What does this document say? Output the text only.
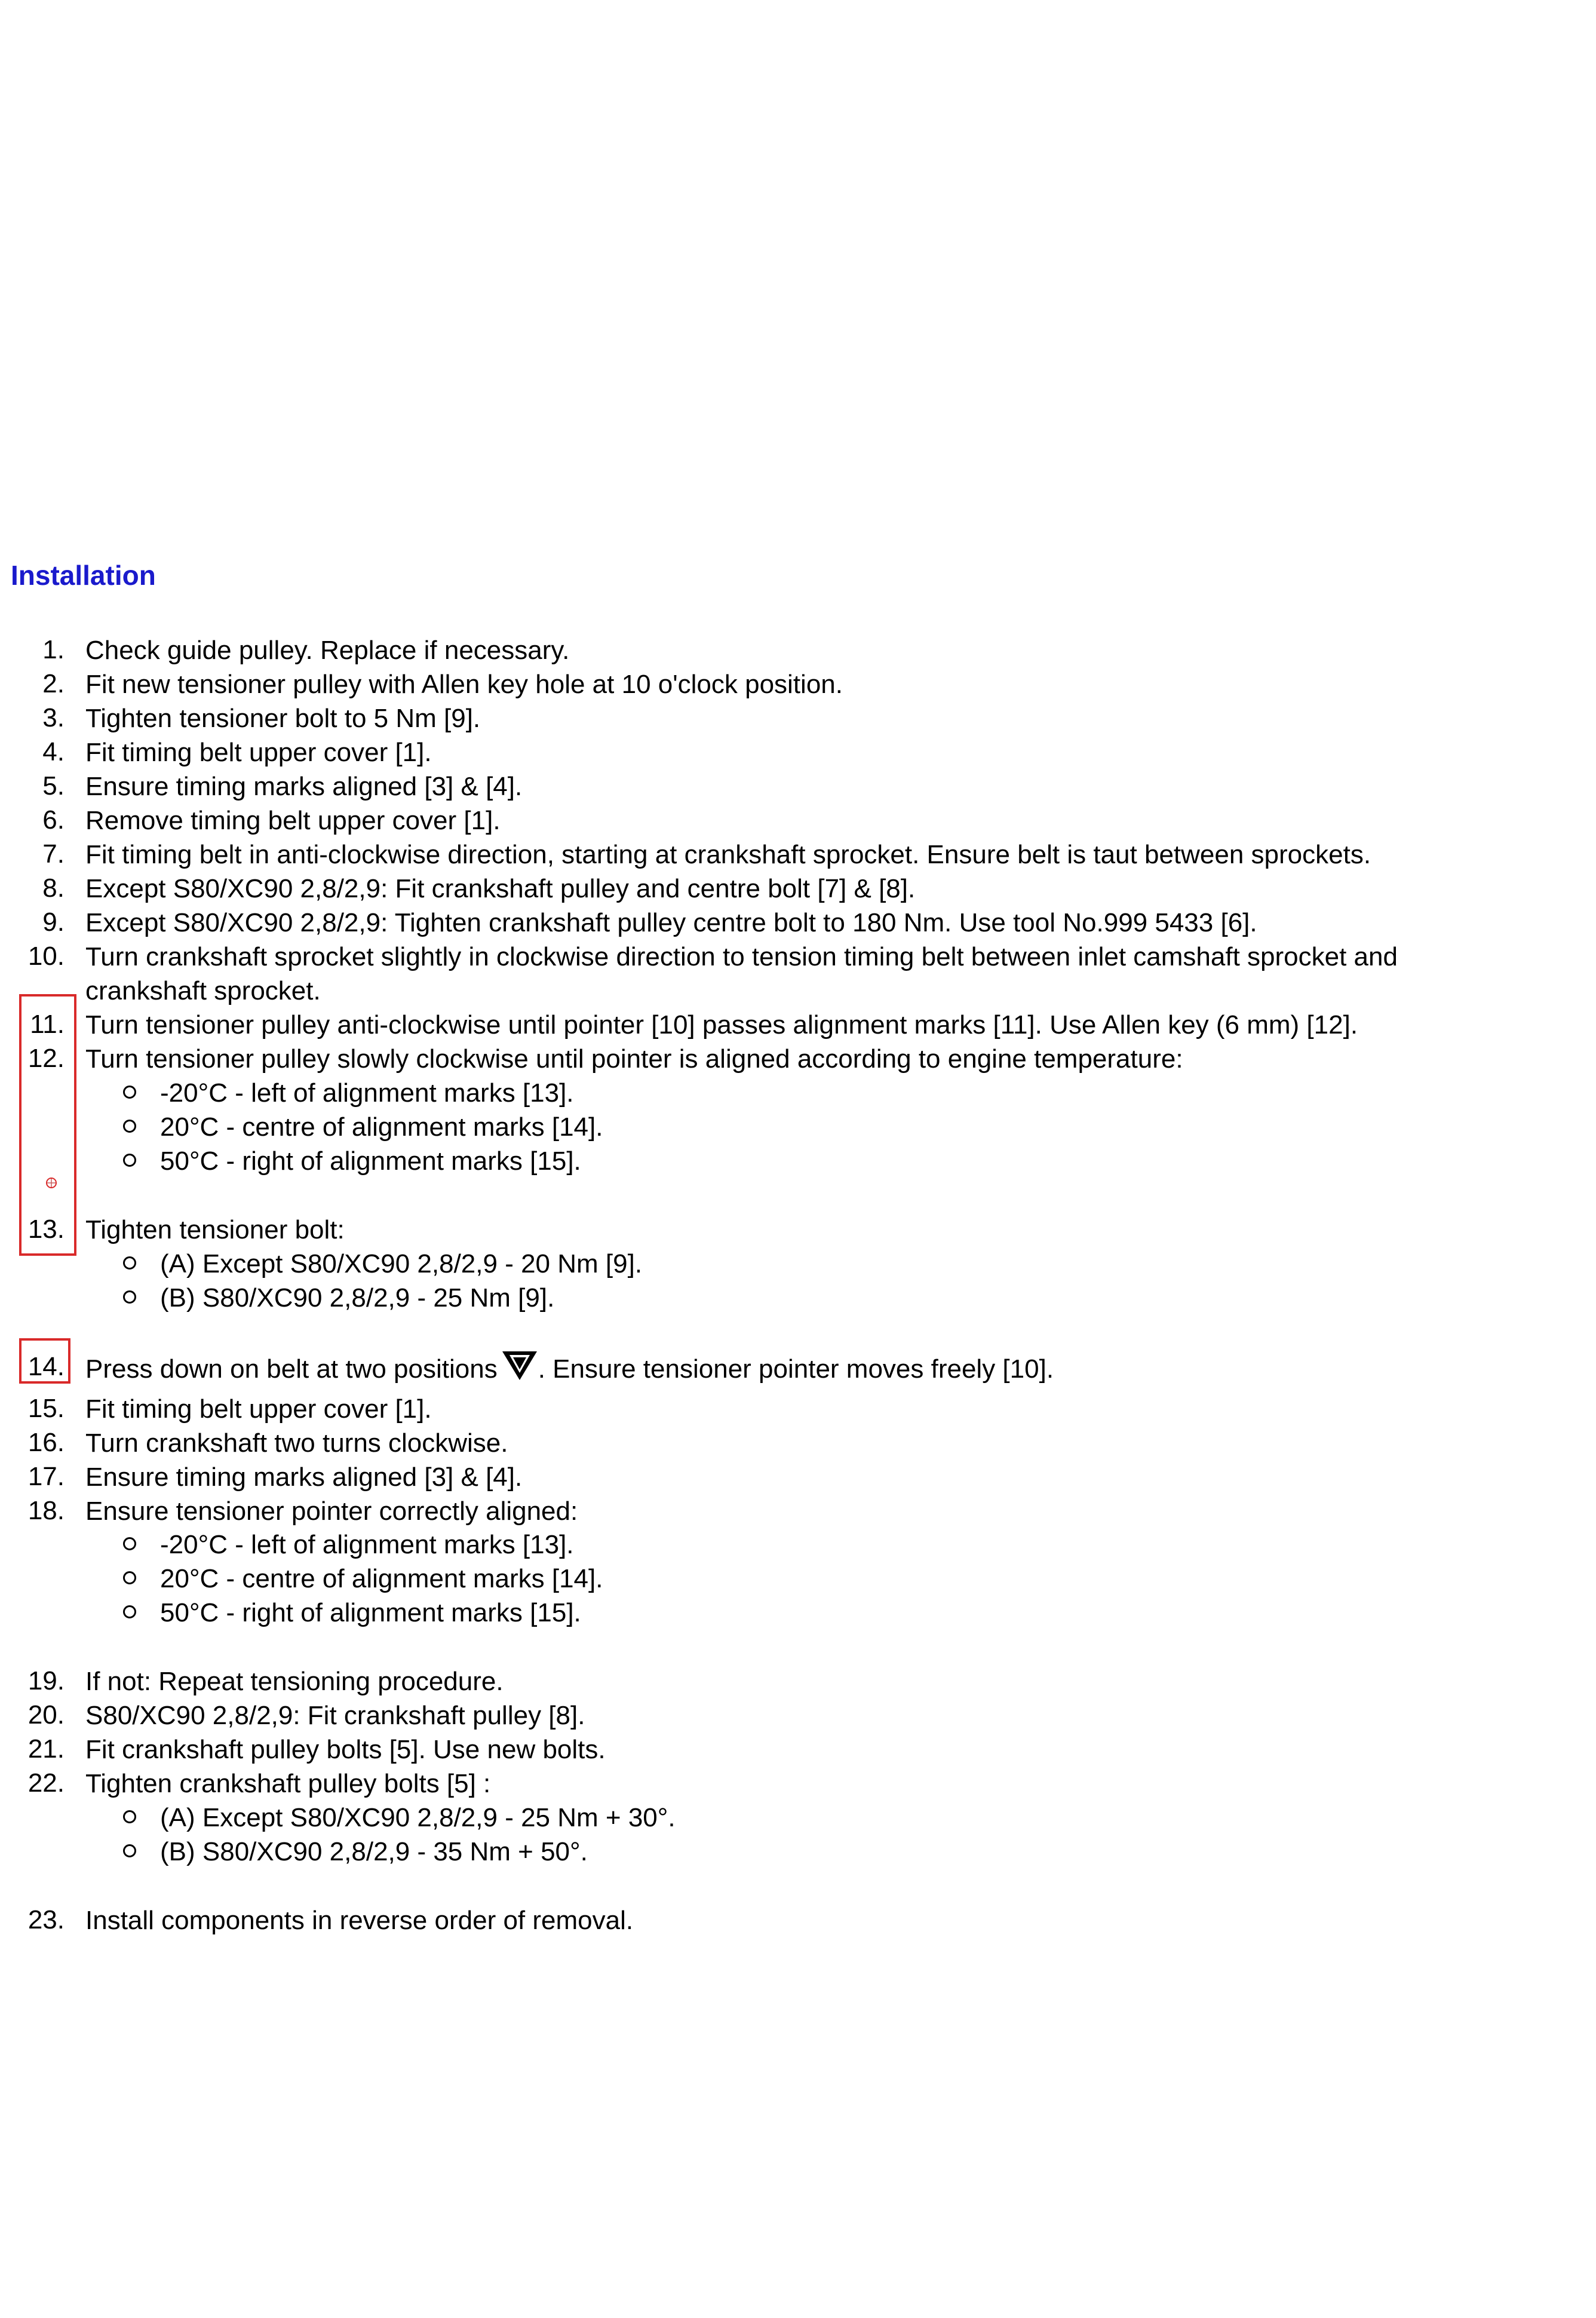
Installation
1. Check guide pulley. Replace if necessary.
2. Fit new tensioner pulley with Allen key hole at 10 o'clock position.
3. Tighten tensioner bolt to 5 Nm [9].
4. Fit timing belt upper cover [1].
5. Ensure timing marks aligned [3] & [4].
6. Remove timing belt upper cover [1].
7. Fit timing belt in anti-clockwise direction, starting at crankshaft sprocket. Ensure belt is taut between sprockets.
8. Except S80/XC90 2,8/2,9: Fit crankshaft pulley and centre bolt [7] & [8].
9. Except S80/XC90 2,8/2,9: Tighten crankshaft pulley centre bolt to 180 Nm. Use tool No.999 5433 [6].
10. Turn crankshaft sprocket slightly in clockwise direction to tension timing belt between inlet camshaft sprocket and
crankshaft sprocket.
11. Turn tensioner pulley anti-clockwise until pointer [10] passes alignment marks [11]. Use Allen key (6 mm) [12].
12. Turn tensioner pulley slowly clockwise until pointer is aligned according to engine temperature:
-20°C - left of alignment marks [13].
20°C - centre of alignment marks [14].
50°C - right of alignment marks [15].
13. Tighten tensioner bolt:
(A) Except S80/XC90 2,8/2,9 - 20 Nm [9].
(B) S80/XC90 2,8/2,9 - 25 Nm [9].
14. Press down on belt at two positions . Ensure tensioner pointer moves freely [10].
15. Fit timing belt upper cover [1].
16. Turn crankshaft two turns clockwise.
17. Ensure timing marks aligned [3] & [4].
18. Ensure tensioner pointer correctly aligned:
-20°C - left of alignment marks [13].
20°C - centre of alignment marks [14].
50°C - right of alignment marks [15].
19. If not: Repeat tensioning procedure.
20. S80/XC90 2,8/2,9: Fit crankshaft pulley [8].
21. Fit crankshaft pulley bolts [5]. Use new bolts.
22. Tighten crankshaft pulley bolts [5] :
(A) Except S80/XC90 2,8/2,9 - 25 Nm + 30°.
(B) S80/XC90 2,8/2,9 - 35 Nm + 50°.
23. Install components in reverse order of removal.
